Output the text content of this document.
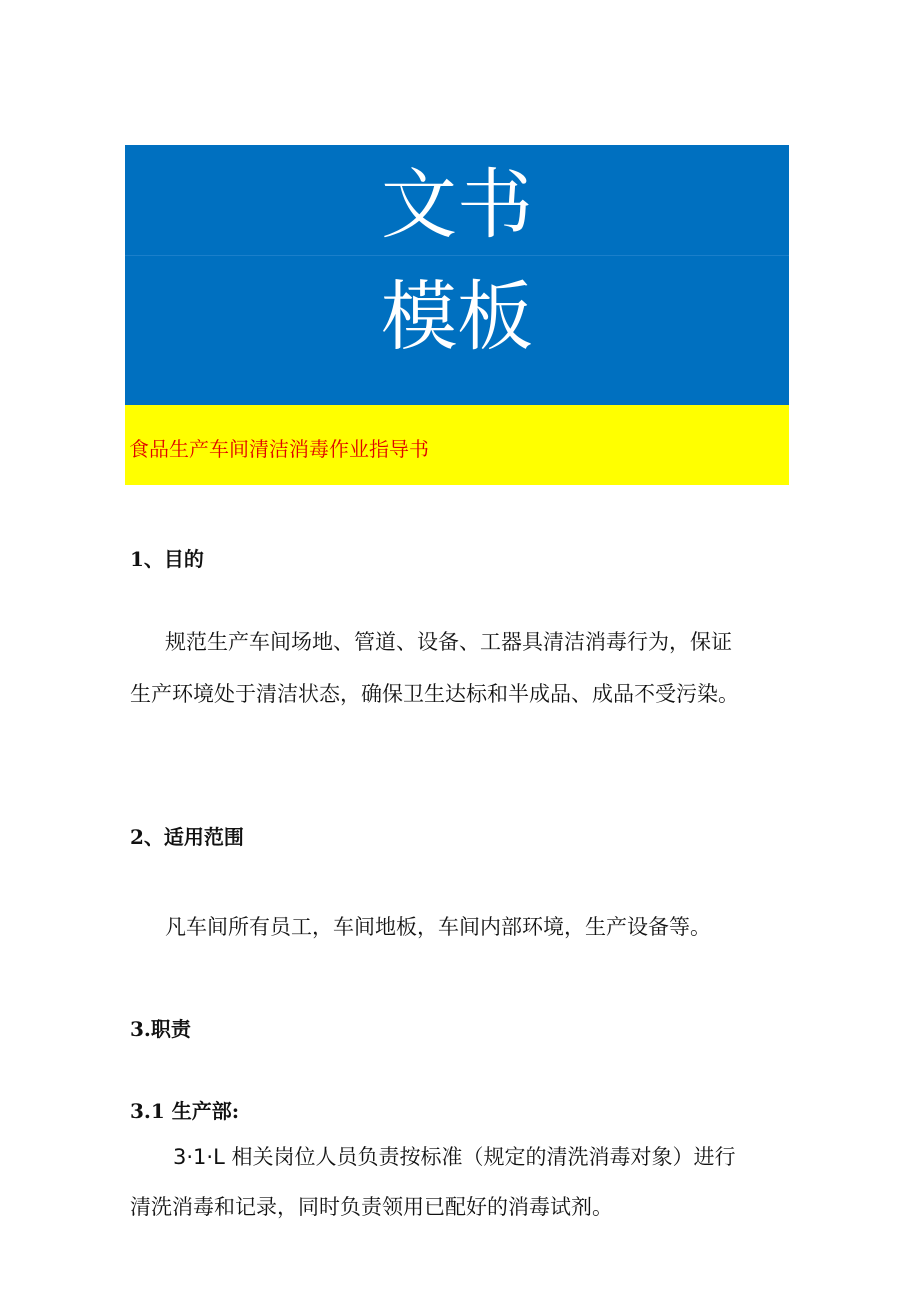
文书
模板
食品生产车间清洁消毒作业指导书
1、目的
规范生产车间场地、管道、设备、工器具清洁消毒行为，保证
生产环境处于清洁状态，确保卫生达标和半成品、成品不受污染。
2、适用范围
凡车间所有员工，车间地板，车间内部环境，生产设备等。
3.职责
3.1 生产部:
3·1·L 相关岗位人员负责按标准（规定的清洗消毒对象）进行
清洗消毒和记录，同时负责领用已配好的消毒试剂。
